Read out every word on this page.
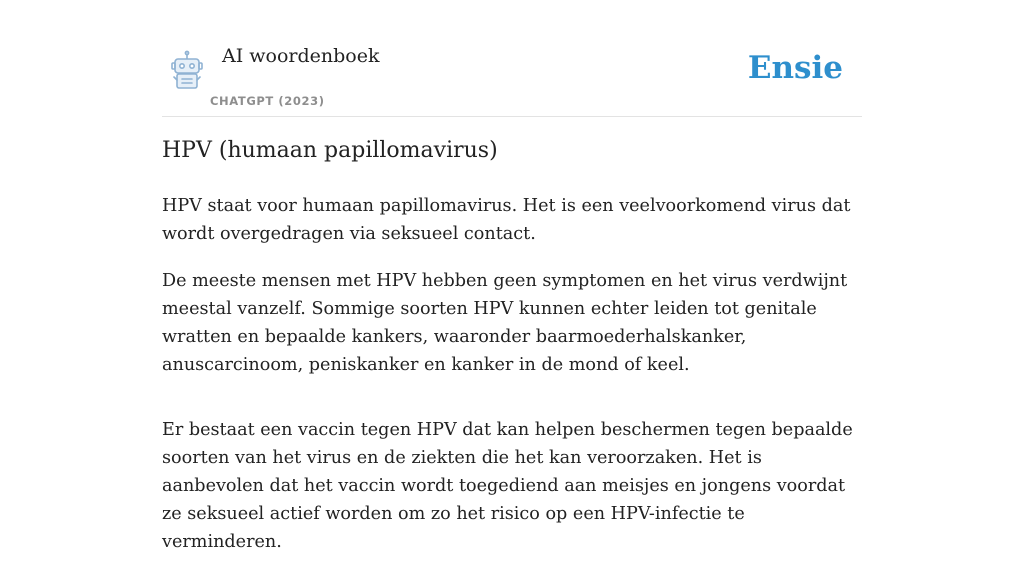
AI woordenboek
CHATGPT (2023)
Ensie
HPV (humaan papillomavirus)

HPV staat voor humaan papillomavirus. Het is een veelvoorkomend virus dat wordt overgedragen via seksueel contact.

De meeste mensen met HPV hebben geen symptomen en het virus verdwijnt meestal vanzelf. Sommige soorten HPV kunnen echter leiden tot genitale wratten en bepaalde kankers, waaronder baarmoederhalskanker, anuscarcinoom, peniskanker en kanker in de mond of keel.

Er bestaat een vaccin tegen HPV dat kan helpen beschermen tegen bepaalde soorten van het virus en de ziekten die het kan veroorzaken. Het is aanbevolen dat het vaccin wordt toegediend aan meisjes en jongens voordat ze seksueel actief worden om zo het risico op een HPV-infectie te verminderen.
